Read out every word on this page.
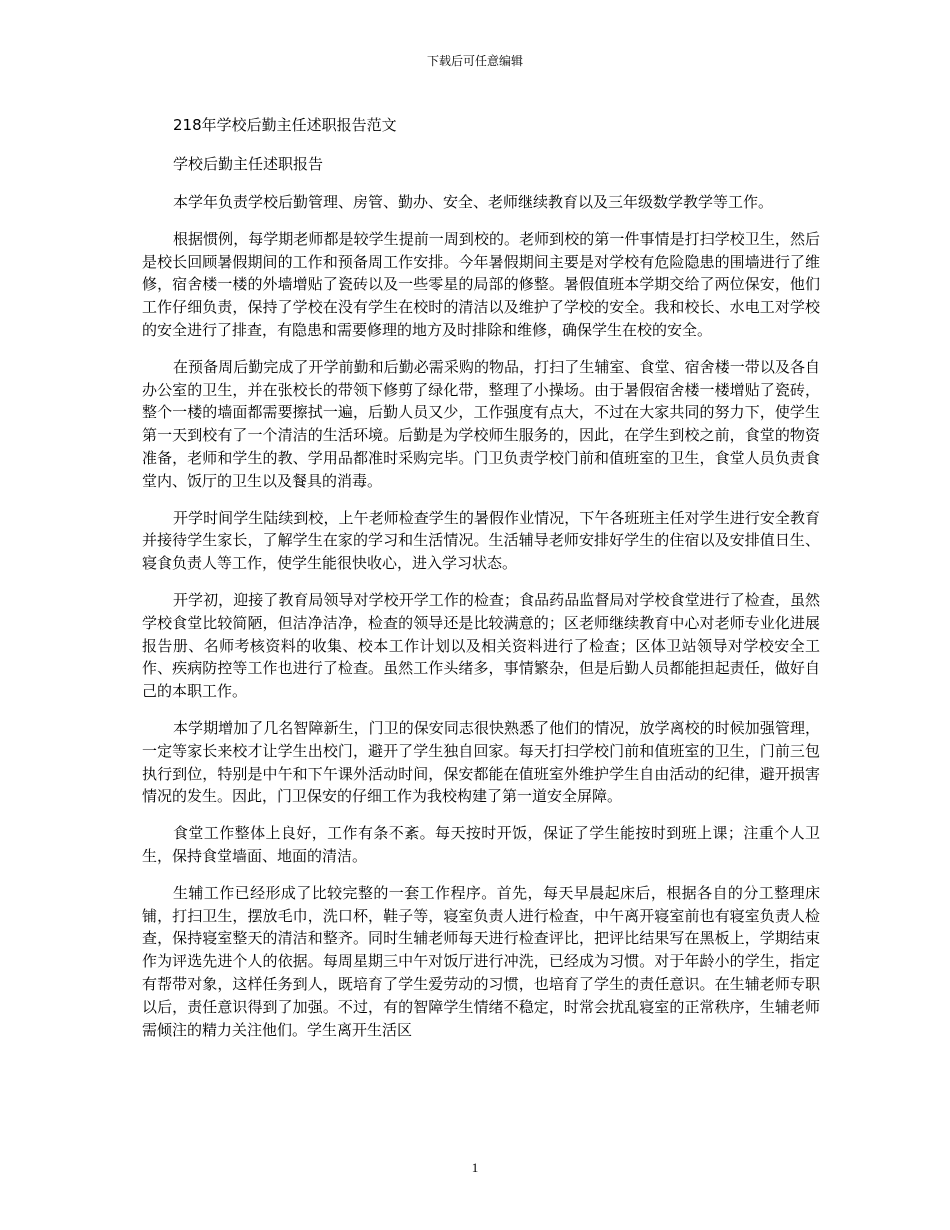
下载后可任意编辑
218年学校后勤主任述职报告范文
学校后勤主任述职报告

本学年负责学校后勤管理、房管、勤办、安全、老师继续教育以及三年级数学教学等工作。

根据惯例，每学期老师都是较学生提前一周到校的。老师到校的第一件事情是打扫学校卫生，然后是校长回顾暑假期间的工作和预备周工作安排。今年暑假期间主要是对学校有危险隐患的围墙进行了维修，宿舍楼一楼的外墙增贴了瓷砖以及一些零星的局部的修整。暑假值班本学期交给了两位保安，他们工作仔细负责，保持了学校在没有学生在校时的清洁以及维护了学校的安全。我和校长、水电工对学校的安全进行了排查，有隐患和需要修理的地方及时排除和维修，确保学生在校的安全。

在预备周后勤完成了开学前勤和后勤必需采购的物品，打扫了生辅室、食堂、宿舍楼一带以及各自办公室的卫生，并在张校长的带领下修剪了绿化带，整理了小操场。由于暑假宿舍楼一楼增贴了瓷砖，整个一楼的墙面都需要擦拭一遍，后勤人员又少，工作强度有点大，不过在大家共同的努力下，使学生第一天到校有了一个清洁的生活环境。后勤是为学校师生服务的，因此，在学生到校之前，食堂的物资准备，老师和学生的教、学用品都准时采购完毕。门卫负责学校门前和值班室的卫生，食堂人员负责食堂内、饭厅的卫生以及餐具的消毒。

开学时间学生陆续到校，上午老师检查学生的暑假作业情况，下午各班班主任对学生进行安全教育并接待学生家长，了解学生在家的学习和生活情况。生活辅导老师安排好学生的住宿以及安排值日生、寝食负责人等工作，使学生能很快收心，进入学习状态。

开学初，迎接了教育局领导对学校开学工作的检查；食品药品监督局对学校食堂进行了检查，虽然学校食堂比较简陋，但洁净洁净，检查的领导还是比较满意的；区老师继续教育中心对老师专业化进展报告册、名师考核资料的收集、校本工作计划以及相关资料进行了检查；区体卫站领导对学校安全工作、疾病防控等工作也进行了检查。虽然工作头绪多，事情繁杂，但是后勤人员都能担起责任，做好自己的本职工作。

本学期增加了几名智障新生，门卫的保安同志很快熟悉了他们的情况，放学离校的时候加强管理，一定等家长来校才让学生出校门，避开了学生独自回家。每天打扫学校门前和值班室的卫生，门前三包执行到位，特别是中午和下午课外活动时间，保安都能在值班室外维护学生自由活动的纪律，避开损害情况的发生。因此，门卫保安的仔细工作为我校构建了第一道安全屏障。

食堂工作整体上良好，工作有条不紊。每天按时开饭，保证了学生能按时到班上课；注重个人卫生，保持食堂墙面、地面的清洁。

生辅工作已经形成了比较完整的一套工作程序。首先，每天早晨起床后，根据各自的分工整理床铺，打扫卫生，摆放毛巾，洗口杯，鞋子等，寝室负责人进行检查，中午离开寝室前也有寝室负责人检查，保持寝室整天的清洁和整齐。同时生辅老师每天进行检查评比，把评比结果写在黑板上，学期结束作为评选先进个人的依据。每周星期三中午对饭厅进行冲洗，已经成为习惯。对于年龄小的学生，指定有帮带对象，这样任务到人，既培育了学生爱劳动的习惯，也培育了学生的责任意识。在生辅老师专职以后，责任意识得到了加强。不过，有的智障学生情绪不稳定，时常会扰乱寝室的正常秩序，生辅老师需倾注的精力关注他们。学生离开生活区

1
